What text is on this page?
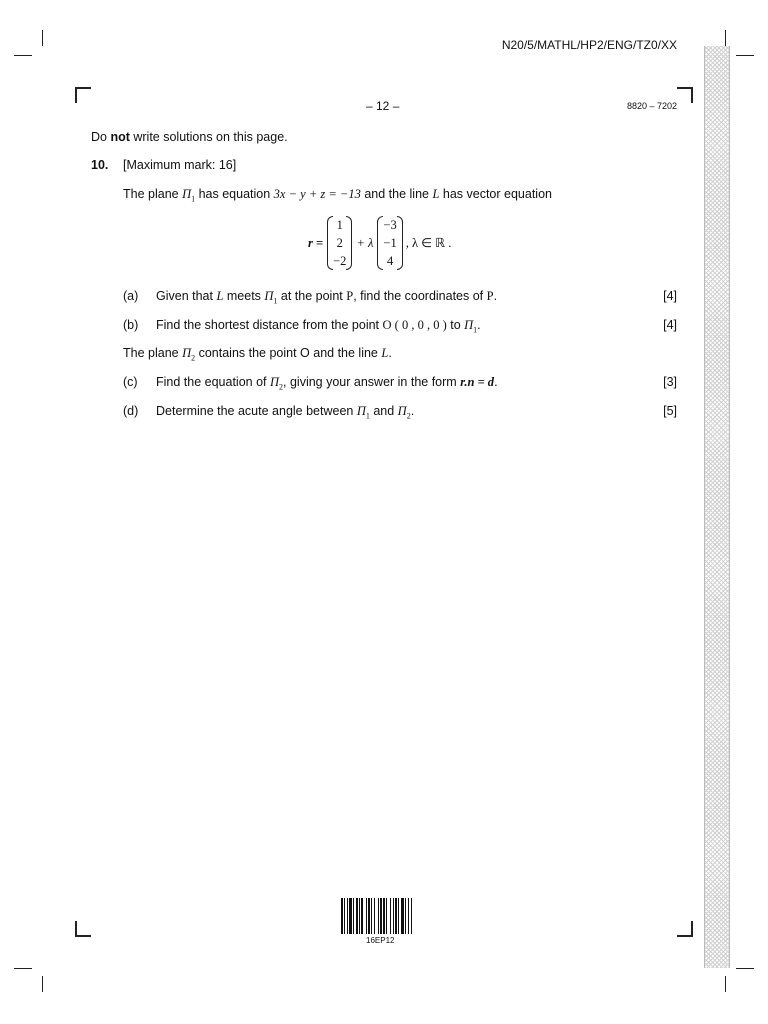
N20/5/MATHL/HP2/ENG/TZ0/XX
– 12 –	8820 – 7202
Do not write solutions on this page.
10. [Maximum mark: 16]
The plane $\Pi_1$ has equation 3x − y + z = −13 and the line L has vector equation
r =
1
2
−2
+ λ
−3
−1
4
, λ ∈ ℝ .
(a) Given that L meets $\Pi_1$ at the point P, find the coordinates of P.	[4]
(b) Find the shortest distance from the point O ( 0 , 0 , 0 ) to $\Pi_1$.	[4]
The plane $\Pi_2$ contains the point O and the line L.
(c) Find the equation of $\Pi_2$, giving your answer in the form r.n = d.	[3]
(d) Determine the acute angle between $\Pi_1$ and $\Pi_2$.	[5]
16EP12
